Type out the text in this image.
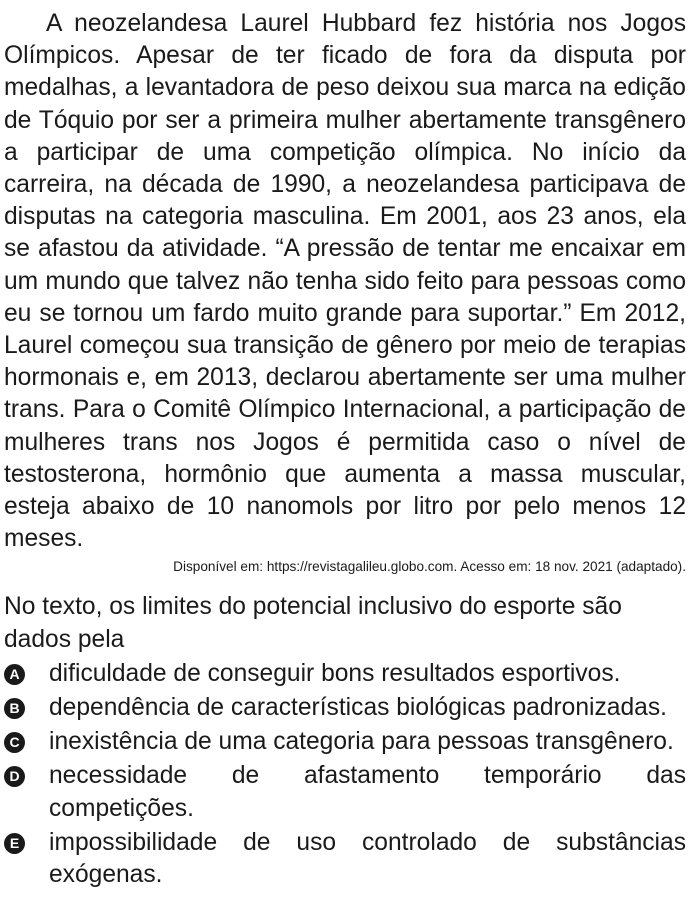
A neozelandesa Laurel Hubbard fez história nos Jogos Olímpicos. Apesar de ter ficado de fora da disputa por medalhas, a levantadora de peso deixou sua marca na edição de Tóquio por ser a primeira mulher abertamente transgênero a participar de uma competição olímpica. No início da carreira, na década de 1990, a neozelandesa participava de disputas na categoria masculina. Em 2001, aos 23 anos, ela se afastou da atividade. “A pressão de tentar me encaixar em um mundo que talvez não tenha sido feito para pessoas como eu se tornou um fardo muito grande para suportar.” Em 2012, Laurel começou sua transição de gênero por meio de terapias hormonais e, em 2013, declarou abertamente ser uma mulher trans. Para o Comitê Olímpico Internacional, a participação de mulheres trans nos Jogos é permitida caso o nível de testosterona, hormônio que aumenta a massa muscular, esteja abaixo de 10 nanomols por litro por pelo menos 12 meses.

Disponível em: https://revistagalileu.globo.com. Acesso em: 18 nov. 2021 (adaptado).

No texto, os limites do potencial inclusivo do esporte são dados pela

A dificuldade de conseguir bons resultados esportivos.
B dependência de características biológicas padronizadas.
C inexistência de uma categoria para pessoas transgênero.
D necessidade de afastamento temporário das competições.
E impossibilidade de uso controlado de substâncias exógenas.
